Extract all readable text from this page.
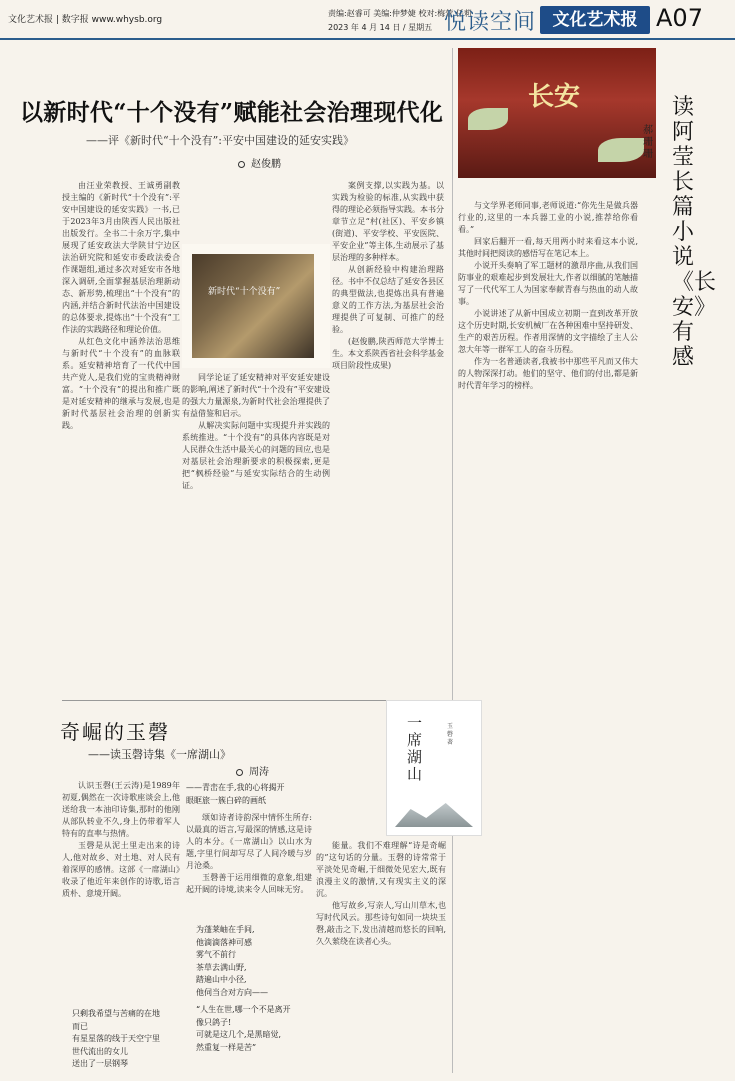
文化艺术报 | 数字报 www.whysb.org
责编:赵睿可 美编:仲梦婕 校对:梅萱 任莉
2023 年 4 月 14 日 / 星期五 悦读空间 文化艺术报 A07
以新时代“十个没有”赋能社会治理现代化
——评《新时代“十个没有”:平安中国建设的延安实践》
赵俊鹏

由汪业荣教授、王诚勇副教授主编的《新时代“十个没有”:平安中国建设的延安实践》一书,已于2023年3月由陕西人民出版社出版发行。全书二十余万字,集中展现了延安政法大学陕甘宁边区法治研究院和延安市委政法委合作课题组,通过多次对延安市各地深入调研,全面掌握基层治理新动态、新形势,梳理出“十个没有”的内涵,并结合新时代法治中国建设的总体要求,提炼出“十个没有”工作法的实践路径和理论价值。

从红色文化中涵养法治思维与新时代“十个没有”的血脉联系。延安精神培育了一代代中国共产党人,是我们党的宝贵精神财富。“十个没有”的提出和推广既是对延安精神的继承与发展,也是新时代基层社会治理的创新实践。

新时代“十个没有”

同学论证了延安精神对平安延安建设的影响,阐述了新时代“十个没有”平安建设的强大力量源泉,为新时代社会治理提供了有益借鉴和启示。

从解决实际问题中实现提升并实践的系统推进。“十个没有”的具体内容既是对人民群众生活中最关心的问题的回应,也是对基层社会治理新要求的积极探索,更是把“枫桥经验”与延安实际结合的生动例证。

案例支撑,以实践为基。以实践为检验的标准,从实践中获得的理论必须指导实践。本书分章节立足“村(社区)、平安乡镇(街道)、平安学校、平安医院、平安企业”等主体,生动展示了基层治理的多种样本。

从创新经验中构建治理路径。书中不仅总结了延安各县区的典型做法,也提炼出具有普遍意义的工作方法,为基层社会治理提供了可复制、可推广的经验。

(赵俊鹏,陕西师范大学博士生。本文系陕西省社会科学基金项目阶段性成果)

奇崛的玉磬
——读玉磬诗集《一席湖山》
周涛
一席湖山
玉磬著

认识玉磬(王云涛)是1989年初夏,偶然在一次诗歌座谈会上,他送给我一本油印诗集,那时的他刚从部队转业不久,身上仍带着军人特有的直率与热情。

玉磬是从泥土里走出来的诗人,他对故乡、对土地、对人民有着深厚的感情。这部《一席湖山》收录了他近年来创作的诗歌,语言质朴、意境开阔。

只剩我希望与苦痛的在地
而已
有星星落的线于天空宁里
世代流出的女儿
送出了一层钢琴
——青峦在手,我的心将揭开
眼眶旅一簇白碎的画纸

颂如诗者诗韵深中情怀生所存:以最真的语言,写最深的情感,这是诗人的本分。《一席湖山》以山水为题,字里行间却写尽了人间冷暖与岁月沧桑。

玉磬善于运用细微的意象,组建起开阔的诗境,读来令人回味无穷。

为蓬莱岫在手间,
他滴滴落神可感
雾气不前行
茶草去满山野,
踏遍山中小径,
他伺当合对方向——
“人生在世,哪一个不是离开
像只鸽子!
可就是这几个,是黑暗觉,
然重复一样是苦”

能量。我们不难理解“诗是奇崛的”这句话的分量。玉磬的诗常常于平淡处见奇崛,于细微处见宏大,既有浪漫主义的激情,又有现实主义的深沉。

他写故乡,写亲人,写山川草木,也写时代风云。那些诗句如同一块块玉磬,敲击之下,发出清越而悠长的回响,久久萦绕在读者心头。

长安	读阿莹长篇小说《长安》有感
郝珊珊

与文学界老师同事,老师说道:“你先生是做兵器行业的,这里的一本兵器工业的小说,推荐给你看看。”

回家后翻开一看,每天用两小时来看这本小说,其他时间把阅读的感悟写在笔记本上。

小说开头奏响了军工题材的激昂序曲,从我们国防事业的艰难起步到发展壮大,作者以细腻的笔触描写了一代代军工人为国家奉献青春与热血的动人故事。

小说讲述了从新中国成立初期一直到改革开放这个历史时期,长安机械厂在各种困难中坚持研发、生产的艰苦历程。作者用深情的文字描绘了主人公忽大年等一群军工人的奋斗历程。

作为一名普通读者,我被书中那些平凡而又伟大的人物深深打动。他们的坚守、他们的付出,都是新时代青年学习的榜样。
